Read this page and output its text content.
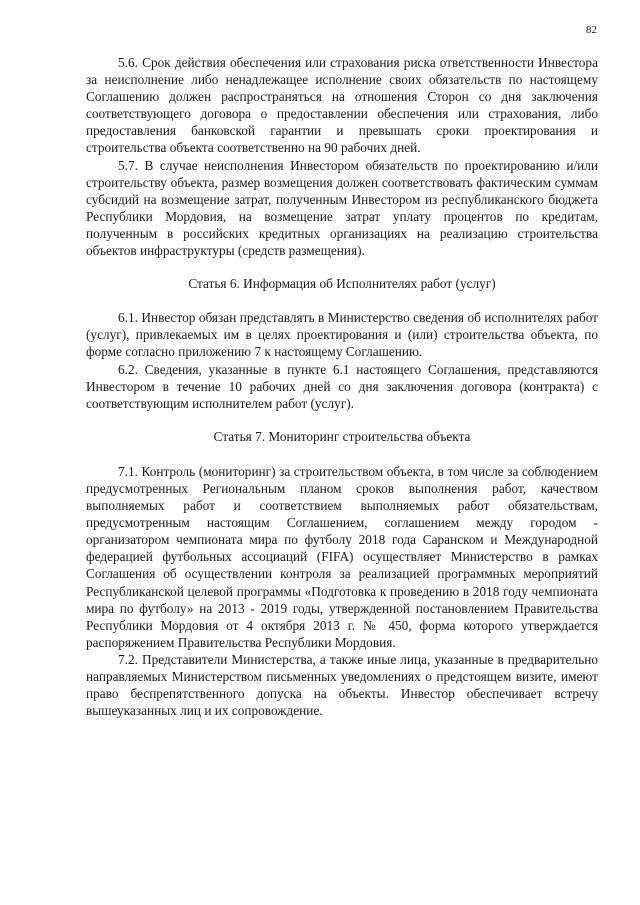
82

5.6. Срок действия обеспечения или страхования риска ответственности Инвестора за неисполнение либо ненадлежащее исполнение своих обязательств по настоящему Соглашению должен распространяться на отношения Сторон со дня заключения соответствующего договора о предоставлении обеспечения или страхования, либо предоставления банковской гарантии и превышать сроки проектирования и строительства объекта соответственно на 90 рабочих дней.

5.7. В случае неисполнения Инвестором обязательств по проектированию и/или строительству объекта, размер возмещения должен соответствовать фактическим суммам субсидий на возмещение затрат, полученным Инвестором из республиканского бюджета Республики Мордовия, на возмещение затрат уплату процентов по кредитам, полученным в российских кредитных организациях на реализацию строительства объектов инфраструктуры (средств размещения).

Статья 6. Информация об Исполнителях работ (услуг)

6.1. Инвестор обязан представлять в Министерство сведения об исполнителях работ (услуг), привлекаемых им в целях проектирования и (или) строительства объекта, по форме согласно приложению 7 к настоящему Соглашению.

6.2. Сведения, указанные в пункте 6.1 настоящего Соглашения, представляются Инвестором в течение 10 рабочих дней со дня заключения договора (контракта) с соответствующим исполнителем работ (услуг).

Статья 7. Мониторинг строительства объекта

7.1. Контроль (мониторинг) за строительством объекта, в том числе за соблюдением предусмотренных Региональным планом сроков выполнения работ, качеством выполняемых работ и соответствием выполняемых работ обязательствам, предусмотренным настоящим Соглашением, соглашением между городом - организатором чемпионата мира по футболу 2018 года Саранском и Международной федерацией футбольных ассоциаций (FIFA) осуществляет Министерство в рамках Соглашения об осуществлении контроля за реализацией программных мероприятий Республиканской целевой программы «Подготовка к проведению в 2018 году чемпионата мира по футболу» на 2013 - 2019 годы, утвержденной постановлением Правительства Республики Мордовия от 4 октября 2013 г. № 450, форма которого утверждается распоряжением Правительства Республики Мордовия.

7.2. Представители Министерства, а также иные лица, указанные в предварительно направляемых Министерством письменных уведомлениях о предстоящем визите, имеют право беспрепятственного допуска на объекты. Инвестор обеспечивает встречу вышеуказанных лиц и их сопровождение.
